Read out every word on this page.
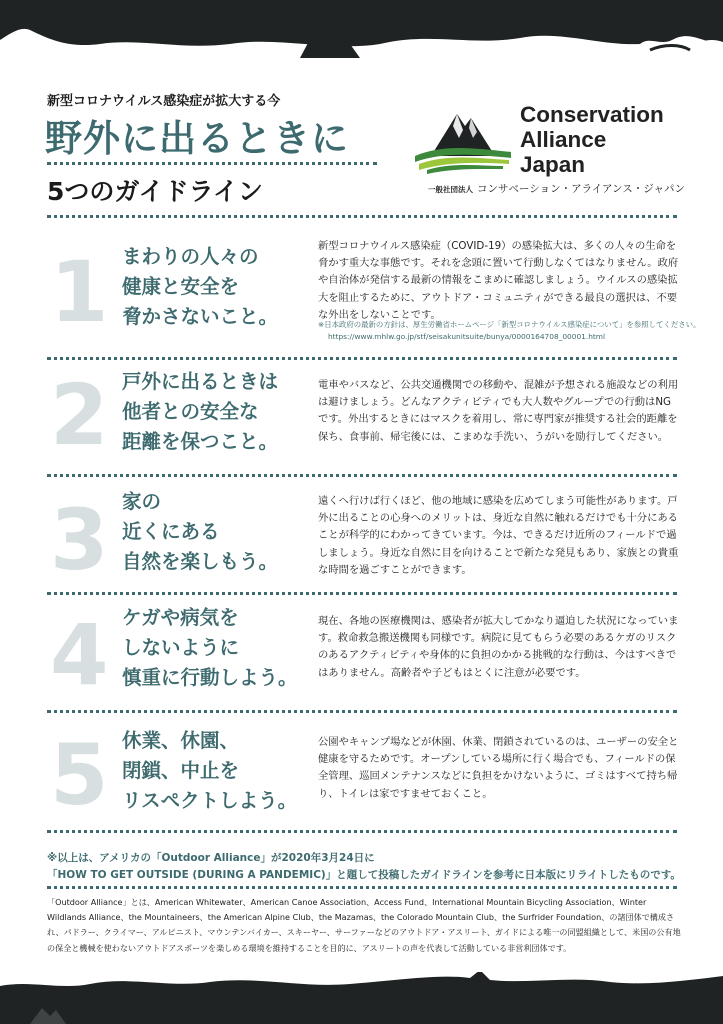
新型コロナウイルス感染症が拡大する今
野外に出るときに
5つのガイドライン
Conservation
Alliance
Japan
一般社団法人 コンサベーション・アライアンス・ジャパン
1 まわりの人々の
健康と安全を
脅かさないこと。
新型コロナウイルス感染症（COVID-19）の感染拡大は、多くの人々の生命を脅かす重大な事態です。それを念頭に置いて行動しなくてはなりません。政府や自治体が発信する最新の情報をこまめに確認しましょう。ウイルスの感染拡大を阻止するために、アウトドア・コミュニティができる最良の選択は、不要な外出をしないことです。
※日本政府の最新の方針は、厚生労働省ホームページ「新型コロナウイルス感染症について」を参照してください。
https://www.mhlw.go.jp/stf/seisakunitsuite/bunya/0000164708_00001.html
2 戸外に出るときは
他者との安全な
距離を保つこと。
電車やバスなど、公共交通機関での移動や、混雑が予想される施設などの利用は避けましょう。どんなアクティビティでも大人数やグループでの行動はNGです。外出するときにはマスクを着用し、常に専門家が推奨する社会的距離を保ち、食事前、帰宅後には、こまめな手洗い、うがいを励行してください。
3 家の
近くにある
自然を楽しもう。
遠くへ行けば行くほど、他の地域に感染を広めてしまう可能性があります。戸外に出ることの心身へのメリットは、身近な自然に触れるだけでも十分にあることが科学的にわかってきています。今は、できるだけ近所のフィールドで過しましょう。身近な自然に目を向けることで新たな発見もあり、家族との貴重な時間を過ごすことができます。
4 ケガや病気を
しないように
慎重に行動しよう。
現在、各地の医療機関は、感染者が拡大してかなり逼迫した状況になっています。救命救急搬送機関も同様です。病院に見てもらう必要のあるケガのリスクのあるアクティビティや身体的に負担のかかる挑戦的な行動は、今はすべきではありません。高齢者や子どもはとくに注意が必要です。
5 休業、休園、
閉鎖、中止を
リスペクトしよう。
公園やキャンプ場などが休園、休業、閉鎖されているのは、ユーザーの安全と健康を守るためです。オープンしている場所に行く場合でも、フィールドの保全管理、巡回メンテナンスなどに負担をかけないように、ゴミはすべて持ち帰り、トイレは家ですませておくこと。
※以上は、アメリカの「Outdoor Alliance」が2020年3月24日に
「HOW TO GET OUTSIDE (DURING A PANDEMIC)」と題して投稿したガイドラインを参考に日本版にリライトしたものです。
「Outdoor Alliance」とは、American Whitewater、American Canoe Association、Access Fund、International Mountain Bicycling Association、Winter Wildlands Alliance、the Mountaineers、the American Alpine Club、the Mazamas、the Colorado Mountain Club、the Surfrider Foundation、の諸団体で構成され、パドラー、クライマー、アルピニスト、マウンテンバイカー、スキーヤー、サーファーなどのアウトドア・アスリート、ガイドによる唯一の同盟組織として、米国の公有地の保全と機械を使わないアウトドアスポーツを楽しめる環境を維持することを目的に、アスリートの声を代表して活動している非営利団体です。
